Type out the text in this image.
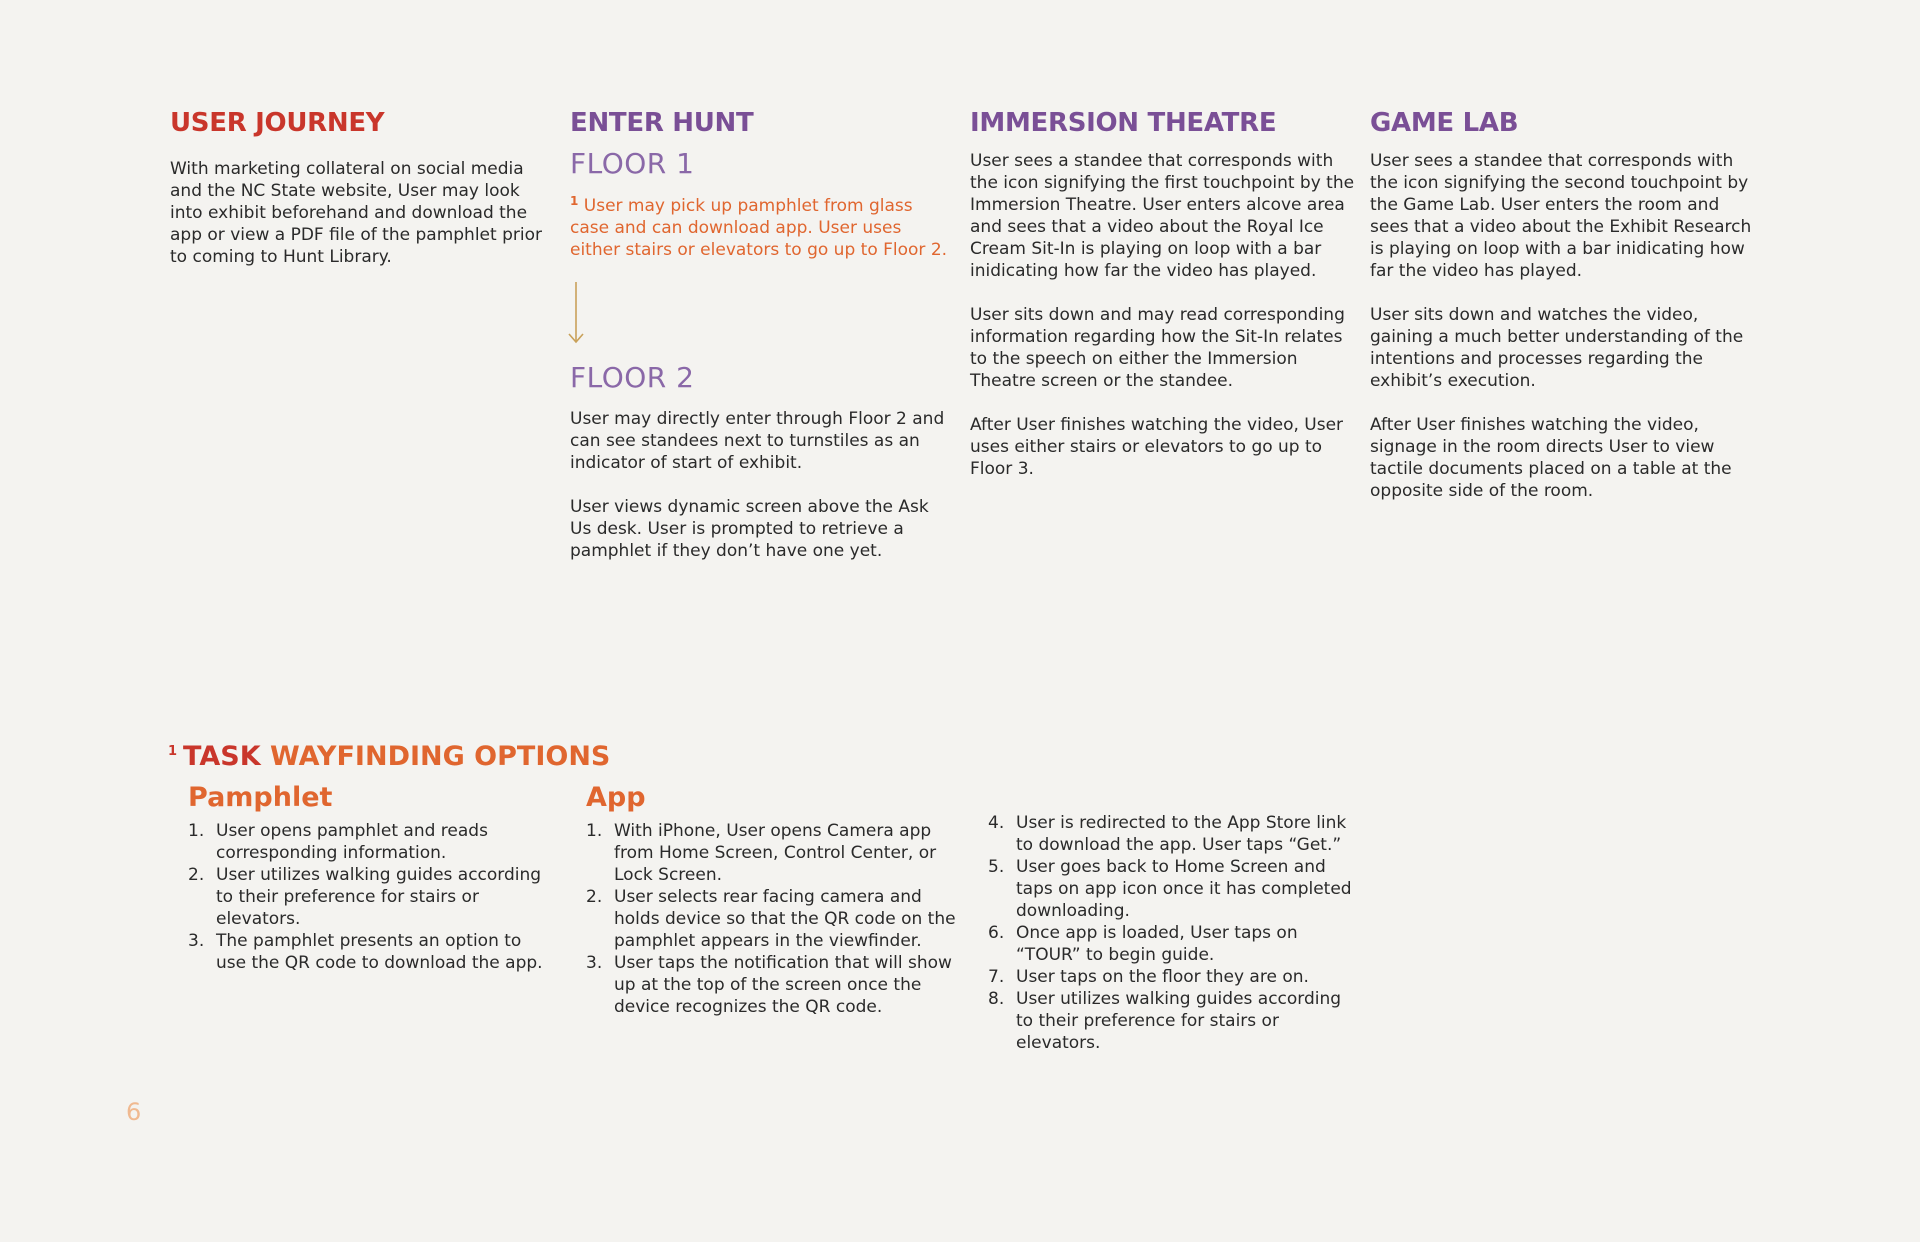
USER JOURNEY

With marketing collateral on social media and the NC State website, User may look into exhibit beforehand and download the app or view a PDF file of the pamphlet prior to coming to Hunt Library.

ENTER HUNT
FLOOR 1

$^1$ User may pick up pamphlet from glass case and can download app. User uses either stairs or elevators to go up to Floor 2.

FLOOR 2

User may directly enter through Floor 2 and can see standees next to turnstiles as an indicator of start of exhibit.

User views dynamic screen above the Ask Us desk. User is prompted to retrieve a pamphlet if they don’t have one yet.

IMMERSION THEATRE

User sees a standee that corresponds with the icon signifying the first touchpoint by the Immersion Theatre. User enters alcove area and sees that a video about the Royal Ice Cream Sit-In is playing on loop with a bar inidicating how far the video has played.

User sits down and may read corresponding information regarding how the Sit-In relates to the speech on either the Immersion Theatre screen or the standee.

After User finishes watching the video, User uses either stairs or elevators to go up to Floor 3.

GAME LAB

User sees a standee that corresponds with the icon signifying the second touchpoint by the Game Lab. User enters the room and sees that a video about the Exhibit Research is playing on loop with a bar inidicating how far the video has played.

User sits down and watches the video, gaining a much better understanding of the intentions and processes regarding the exhibit’s execution.

After User finishes watching the video, signage in the room directs User to view tactile documents placed on a table at the opposite side of the room.

$^1$ TASK WAYFINDING OPTIONS
Pamphlet
1. User opens pamphlet and reads corresponding information.
2. User utilizes walking guides according to their preference for stairs or elevators.
3. The pamphlet presents an option to use the QR code to download the app.
App
1. With iPhone, User opens Camera app from Home Screen, Control Center, or Lock Screen.
2. User selects rear facing camera and holds device so that the QR code on the pamphlet appears in the viewfinder.
3. User taps the notification that will show up at the top of the screen once the device recognizes the QR code.
4. User is redirected to the App Store link to download the app. User taps “Get.”
5. User goes back to Home Screen and taps on app icon once it has completed downloading.
6. Once app is loaded, User taps on “TOUR” to begin guide.
7. User taps on the floor they are on.
8. User utilizes walking guides according to their preference for stairs or elevators.
6
